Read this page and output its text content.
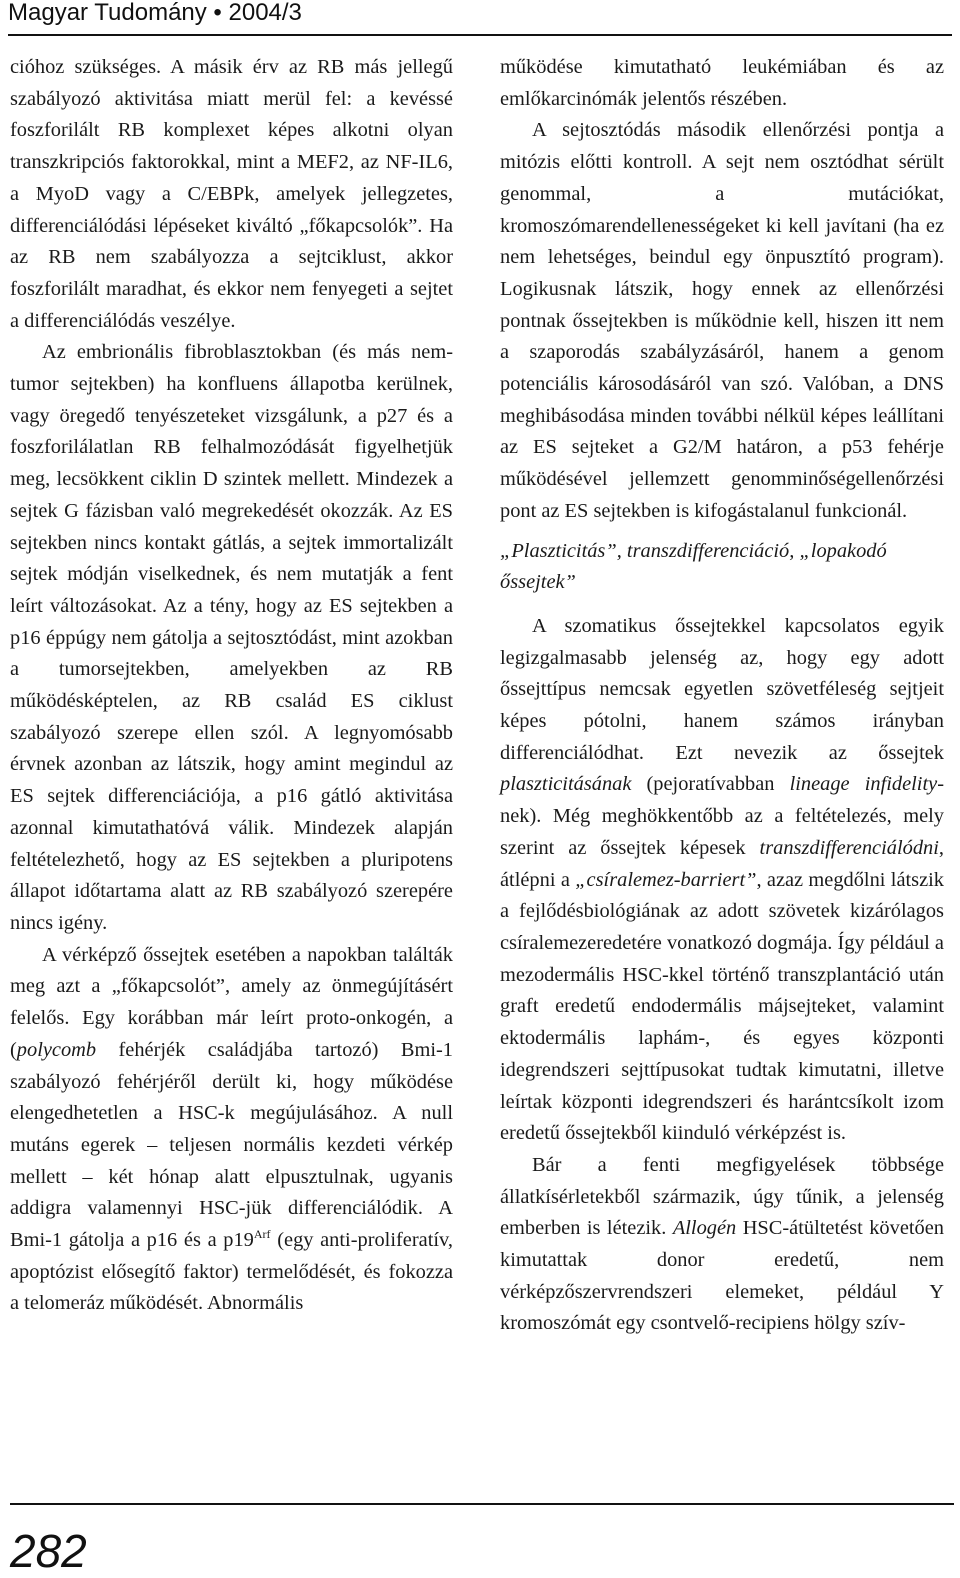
Magyar Tudomány • 2004/3

cióhoz szükséges. A másik érv az RB más jellegű szabályozó aktivitása miatt merül fel: a kevéssé foszforilált RB komplexet képes alkotni olyan transzkripciós faktorokkal, mint a MEF2, az NF-IL6, a MyoD vagy a C/EBPk, amelyek jellegzetes, differenciálódási lépéseket kiváltó „főkapcsolók”. Ha az RB nem szabályozza a sejtciklust, akkor foszforilált maradhat, és ekkor nem fenyegeti a sejtet a differenciálódás veszélye.

Az embrionális fibroblasztokban (és más nem-tumor sejtekben) ha konfluens állapotba kerülnek, vagy öregedő tenyészeteket vizsgálunk, a p27 és a foszforilálatlan RB felhalmozódását figyelhetjük meg, lecsökkent ciklin D szintek mellett. Mindezek a sejtek G fázisban való megrekedését okozzák. Az ES sejtekben nincs kontakt gátlás, a sejtek immortalizált sejtek módján viselkednek, és nem mutatják a fent leírt változásokat. Az a tény, hogy az ES sejtekben a p16 éppúgy nem gátolja a sejtosztódást, mint azokban a tumorsejtekben, amelyekben az RB működésképtelen, az RB család ES ciklust szabályozó szerepe ellen szól. A legnyomósabb érvnek azonban az látszik, hogy amint megindul az ES sejtek differenciációja, a p16 gátló aktivitása azonnal kimutathatóvá válik. Mindezek alapján feltételezhető, hogy az ES sejtekben a pluripotens állapot időtartama alatt az RB szabályozó szerepére nincs igény.

A vérképző őssejtek esetében a napokban találták meg azt a „főkapcsolót”, amely az önmegújításért felelős. Egy korábban már leírt proto-onkogén, a (polycomb fehérjék családjába tartozó) Bmi-1 szabályozó fehérjéről derült ki, hogy működése elengedhetetlen a HSC-k megújulásához. A null mutáns egerek – teljesen normális kezdeti vérkép mellett – két hónap alatt elpusztulnak, ugyanis addigra valamennyi HSC-jük differenciálódik. A Bmi-1 gátolja a p16 és a $p19^{Arf}$ (egy anti-proliferatív, apoptózist elősegítő faktor) termelődését, és fokozza a telomeráz működését. Abnormális

működése kimutatható leukémiában és az emlőkarcinómák jelentős részében.

A sejtosztódás második ellenőrzési pontja a mitózis előtti kontroll. A sejt nem osztódhat sérült genommal, a mutációkat, kromoszómarendellenességeket ki kell javítani (ha ez nem lehetséges, beindul egy önpusztító program). Logikusnak látszik, hogy ennek az ellenőrzési pontnak őssejtekben is működnie kell, hiszen itt nem a szaporodás szabályzásáról, hanem a genom potenciális károsodásáról van szó. Valóban, a DNS meghibásodása minden további nélkül képes leállítani az ES sejteket a G2/M határon, a p53 fehérje működésével jellemzett genomminőségellenőrzési pont az ES sejtekben is kifogástalanul funkcionál.

„Plaszticitás”, transzdifferenciáció, „lopakodó őssejtek”

A szomatikus őssejtekkel kapcsolatos egyik legizgalmasabb jelenség az, hogy egy adott őssejttípus nemcsak egyetlen szövetféleség sejtjeit képes pótolni, hanem számos irányban differenciálódhat. Ezt nevezik az őssejtek plaszticitásának (pejoratívabban lineage infidelity-nek). Még meghökkentőbb az a feltételezés, mely szerint az őssejtek képesek transzdifferenciálódni, átlépni a „csíralemez-barriert”, azaz megdőlni látszik a fejlődésbiológiának az adott szövetek kizárólagos csíralemezeredetére vonatkozó dogmája. Így például a mezodermális HSC-kkel történő transzplantáció után graft eredetű endodermális májsejteket, valamint ektodermális laphám-, és egyes központi idegrendszeri sejttípusokat tudtak kimutatni, illetve leírtak központi idegrendszeri és harántcsíkolt izom eredetű őssejtekből kiinduló vérképzést is.

Bár a fenti megfigyelések többsége állatkísérletekből származik, úgy tűnik, a jelenség emberben is létezik. Allogén HSC-átültetést követően kimutattak donor eredetű, nem vérképzőszervrendszeri elemeket, például Y kromoszómát egy csontvelő-recipiens hölgy szív-

282
